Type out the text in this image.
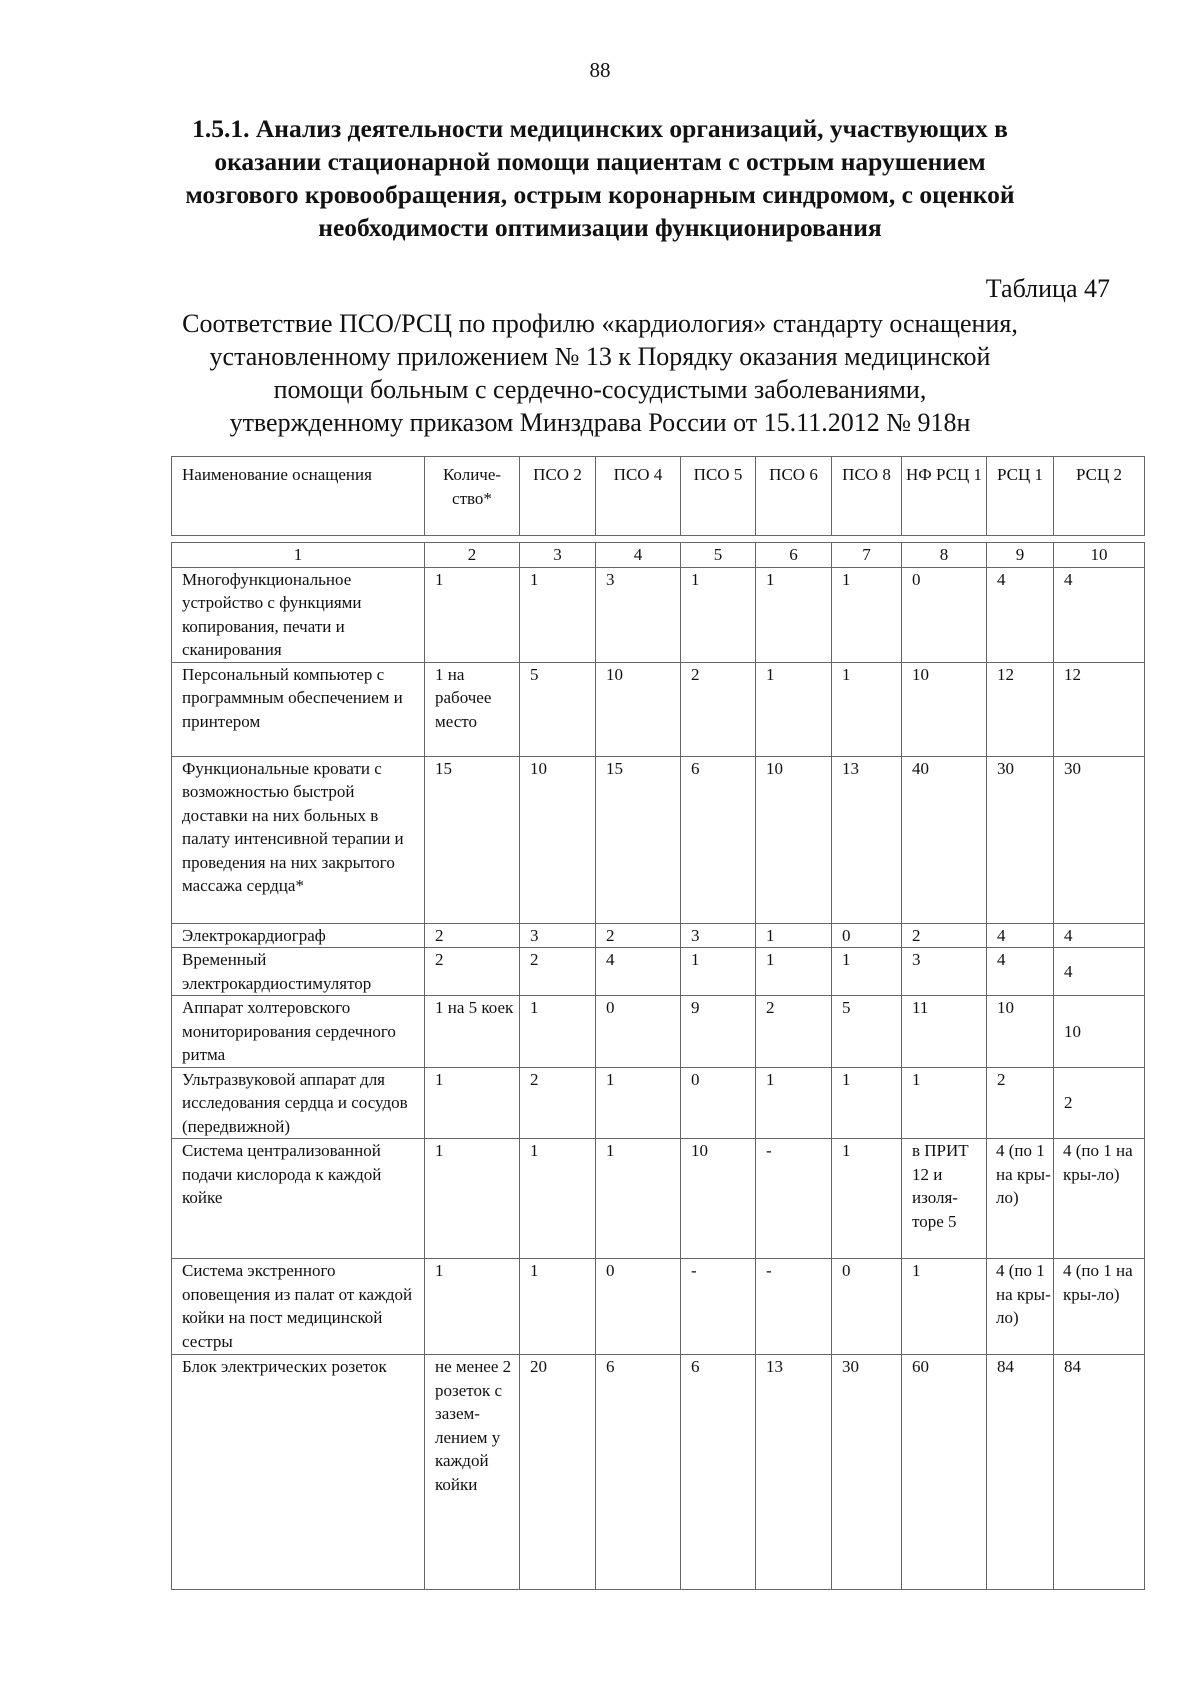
88
1.5.1. Анализ деятельности медицинских организаций, участвующих в
оказании стационарной помощи пациентам с острым нарушением
мозгового кровообращения, острым коронарным синдромом, с оценкой
необходимости оптимизации функционирования
Таблица 47
Соответствие ПСО/РСЦ по профилю «кардиология» стандарту оснащения,
установленному приложением № 13 к Порядку оказания медицинской
помощи больным с сердечно-сосудистыми заболеваниями,
утвержденному приказом Минздрава России от 15.11.2012 № 918н
Наименование оснащения	Количе-ство*	ПСО 2	ПСО 4	ПСО 5	ПСО 6	ПСО 8	НФ РСЦ 1	РСЦ 1	РСЦ 2

1	2	3	4	5	6	7	8	9	10
Многофункциональное устройство с функциями копирования, печати и сканирования	1	1	3	1	1	1	0	4	4
Персональный компьютер с программным обеспечением и принтером	1 на рабочее место	5	10	2	1	1	10	12	12
Функциональные кровати с возможностью быстрой доставки на них больных в палату интенсивной терапии и проведения на них закрытого массажа сердца*	15	10	15	6	10	13	40	30	30
Электрокардиограф	2	3	2	3	1	0	2	4	4
Временный электрокардиостимулятор	2	2	4	1	1	1	3	4	4
Аппарат холтеровского мониторирования сердечного ритма	1 на 5 коек	1	0	9	2	5	11	10	10
Ультразвуковой аппарат для исследования сердца и сосудов (передвижной)	1	2	1	0	1	1	1	2	2
Система централизованной подачи кислорода к каждой койке	1	1	1	10	-	1	в ПРИТ 12 и изоля-торе 5	4 (по 1 на кры-ло)	4 (по 1 на кры-ло)
Система экстренного оповещения из палат от каждой койки на пост медицинской сестры	1	1	0	-	-	0	1	4 (по 1 на кры-ло)	4 (по 1 на кры-ло)
Блок электрических розеток	не менее 2 розеток с зазем-лением у каждой койки	20	6	6	13	30	60	84	84
